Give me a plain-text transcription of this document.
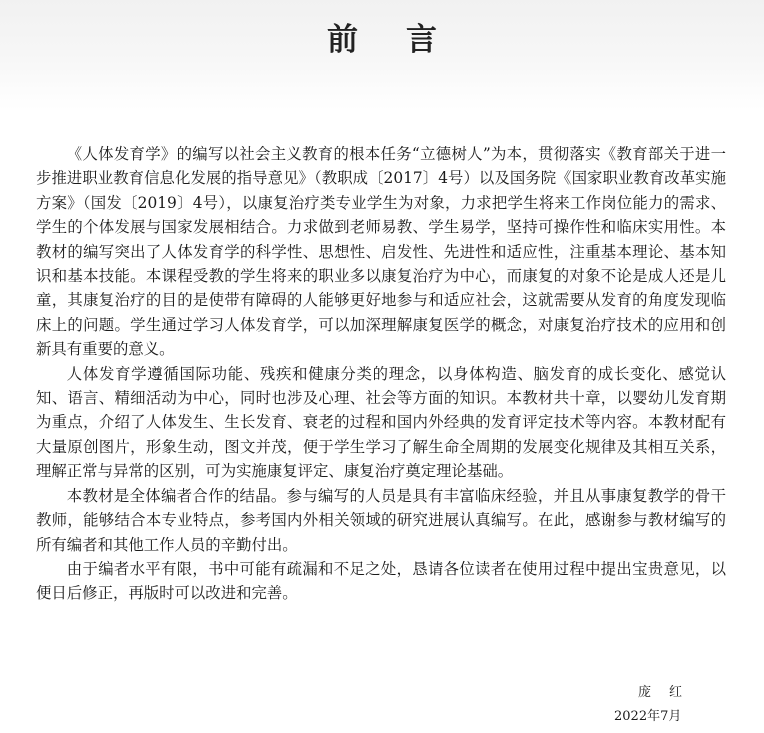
前言

《人体发育学》的编写以社会主义教育的根本任务“立德树人”为本，贯彻落实《教育部关于进一步推进职业教育信息化发展的指导意见》（教职成〔2017〕4号）以及国务院《国家职业教育改革实施方案》（国发〔2019〕4号），以康复治疗类专业学生为对象，力求把学生将来工作岗位能力的需求、学生的个体发展与国家发展相结合。力求做到老师易教、学生易学，坚持可操作性和临床实用性。本教材的编写突出了人体发育学的科学性、思想性、启发性、先进性和适应性，注重基本理论、基本知识和基本技能。本课程受教的学生将来的职业多以康复治疗为中心，而康复的对象不论是成人还是儿童，其康复治疗的目的是使带有障碍的人能够更好地参与和适应社会，这就需要从发育的角度发现临床上的问题。学生通过学习人体发育学，可以加深理解康复医学的概念，对康复治疗技术的应用和创新具有重要的意义。

人体发育学遵循国际功能、残疾和健康分类的理念，以身体构造、脑发育的成长变化、感觉认知、语言、精细活动为中心，同时也涉及心理、社会等方面的知识。本教材共十章，以婴幼儿发育期为重点，介绍了人体发生、生长发育、衰老的过程和国内外经典的发育评定技术等内容。本教材配有大量原创图片，形象生动，图文并茂，便于学生学习了解生命全周期的发展变化规律及其相互关系，理解正常与异常的区别，可为实施康复评定、康复治疗奠定理论基础。

本教材是全体编者合作的结晶。参与编写的人员是具有丰富临床经验，并且从事康复教学的骨干教师，能够结合本专业特点，参考国内外相关领域的研究进展认真编写。在此，感谢参与教材编写的所有编者和其他工作人员的辛勤付出。

由于编者水平有限，书中可能有疏漏和不足之处，恳请各位读者在使用过程中提出宝贵意见，以便日后修正，再版时可以改进和完善。

庞红
2022年7月
